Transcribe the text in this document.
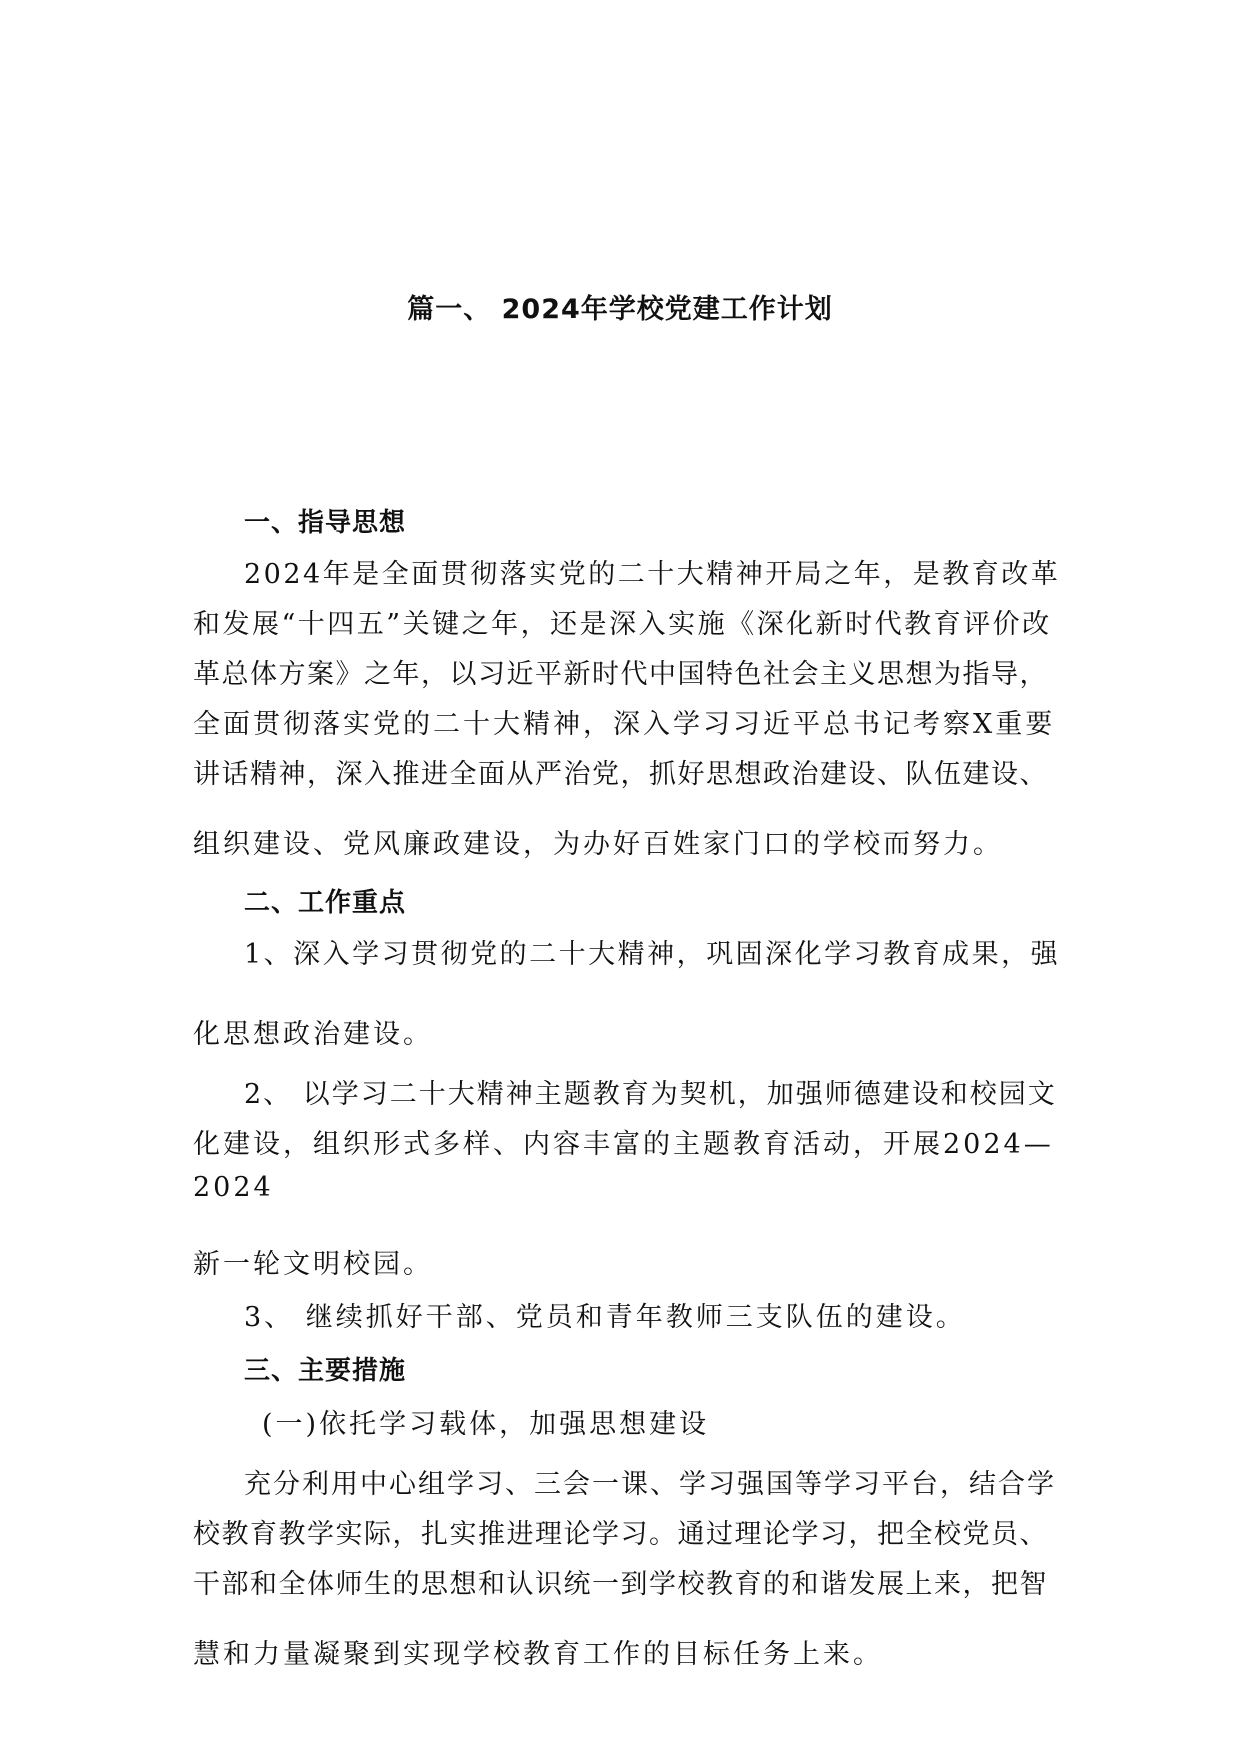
篇一、 2024年学校党建工作计划
一、指导思想
2024年是全面贯彻落实党的二十大精神开局之年，是教育改革
和发展“十四五”关键之年，还是深入实施《深化新时代教育评价改
革总体方案》之年，以习近平新时代中国特色社会主义思想为指导，
全面贯彻落实党的二十大精神，深入学习习近平总书记考察X重要
讲话精神，深入推进全面从严治党，抓好思想政治建设、队伍建设、
组织建设、党风廉政建设，为办好百姓家门口的学校而努力。
二、工作重点
1、深入学习贯彻党的二十大精神，巩固深化学习教育成果，强
化思想政治建设。
2、 以学习二十大精神主题教育为契机，加强师德建设和校园文
化建设，组织形式多样、内容丰富的主题教育活动，开展2024—
2024
新一轮文明校园。
3、 继续抓好干部、党员和青年教师三支队伍的建设。
三、主要措施
(一)依托学习载体，加强思想建设
充分利用中心组学习、三会一课、学习强国等学习平台，结合学
校教育教学实际，扎实推进理论学习。通过理论学习，把全校党员、
干部和全体师生的思想和认识统一到学校教育的和谐发展上来，把智
慧和力量凝聚到实现学校教育工作的目标任务上来。
